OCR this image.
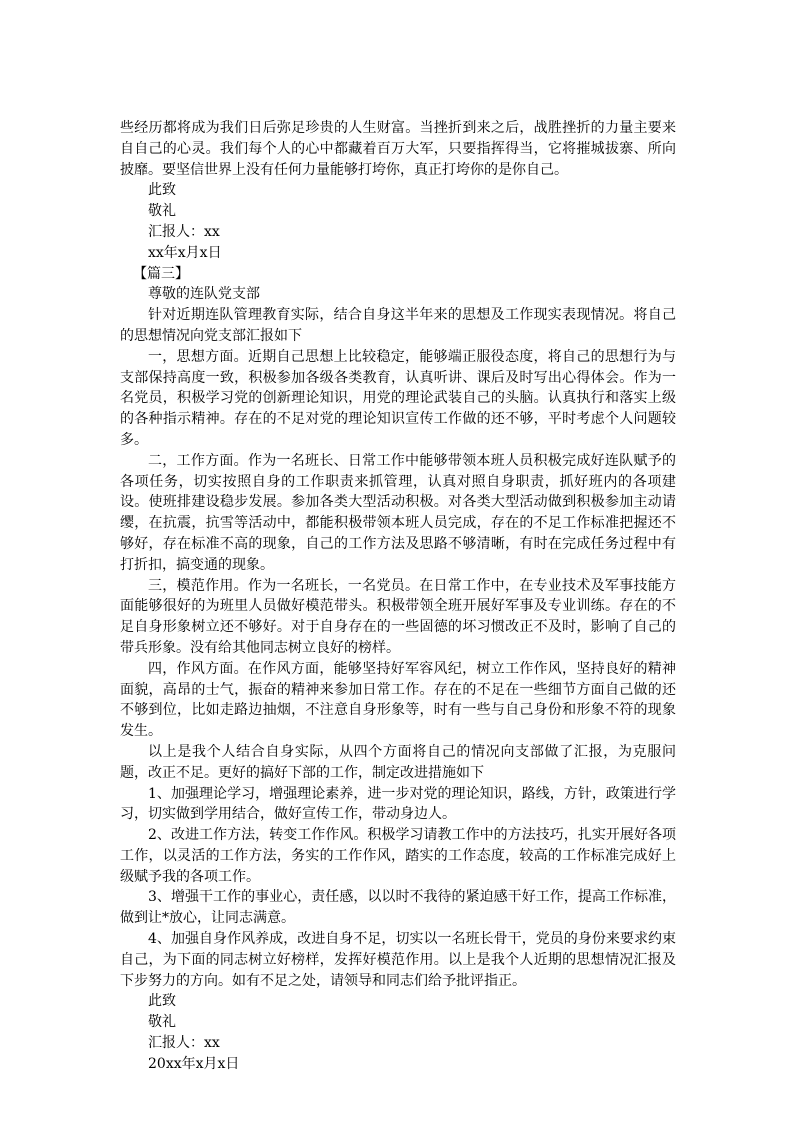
些经历都将成为我们日后弥足珍贵的人生财富。当挫折到来之后，战胜挫折的力量主要来自自己的心灵。我们每个人的心中都藏着百万大军，只要指挥得当，它将摧城拔寨、所向披靡。要坚信世界上没有任何力量能够打垮你，真正打垮你的是你自己。

此致

敬礼

汇报人：xx

xx年x月x日

【篇三】

尊敬的连队党支部

针对近期连队管理教育实际，结合自身这半年来的思想及工作现实表现情况。将自己的思想情况向党支部汇报如下

一，思想方面。近期自己思想上比较稳定，能够端正服役态度，将自己的思想行为与支部保持高度一致，积极参加各级各类教育，认真听讲、课后及时写出心得体会。作为一名党员，积极学习党的创新理论知识，用党的理论武装自己的头脑。认真执行和落实上级的各种指示精神。存在的不足对党的理论知识宣传工作做的还不够，平时考虑个人问题较多。

二，工作方面。作为一名班长、日常工作中能够带领本班人员积极完成好连队赋予的各项任务，切实按照自身的工作职责来抓管理，认真对照自身职责，抓好班内的各项建设。使班排建设稳步发展。参加各类大型活动积极。对各类大型活动做到积极参加主动请缨，在抗震，抗雪等活动中，都能积极带领本班人员完成，存在的不足工作标准把握还不够好，存在标准不高的现象，自己的工作方法及思路不够清晰，有时在完成任务过程中有打折扣，搞变通的现象。

三，模范作用。作为一名班长，一名党员。在日常工作中，在专业技术及军事技能方面能够很好的为班里人员做好模范带头。积极带领全班开展好军事及专业训练。存在的不足自身形象树立还不够好。对于自身存在的一些固德的坏习惯改正不及时，影响了自己的带兵形象。没有给其他同志树立良好的榜样。

四，作风方面。在作风方面，能够坚持好军容风纪，树立工作作风，坚持良好的精神面貌，高昂的士气，振奋的精神来参加日常工作。存在的不足在一些细节方面自己做的还不够到位，比如走路边抽烟，不注意自身形象等，时有一些与自己身份和形象不符的现象发生。

以上是我个人结合自身实际，从四个方面将自己的情况向支部做了汇报，为克服问题，改正不足。更好的搞好下部的工作，制定改进措施如下

1、加强理论学习，增强理论素养，进一步对党的理论知识，路线，方针，政策进行学习，切实做到学用结合，做好宣传工作，带动身边人。

2、改进工作方法，转变工作作风。积极学习请教工作中的方法技巧，扎实开展好各项工作，以灵活的工作方法，务实的工作作风，踏实的工作态度，较高的工作标准完成好上级赋予我的各项工作。

3、增强干工作的事业心，责任感，以以时不我待的紧迫感干好工作，提高工作标准，做到让*放心，让同志满意。

4、加强自身作风养成，改进自身不足，切实以一名班长骨干，党员的身份来要求约束自己，为下面的同志树立好榜样，发挥好模范作用。以上是我个人近期的思想情况汇报及下步努力的方向。如有不足之处，请领导和同志们给予批评指正。

此致

敬礼

汇报人：xx

20xx年x月x日
